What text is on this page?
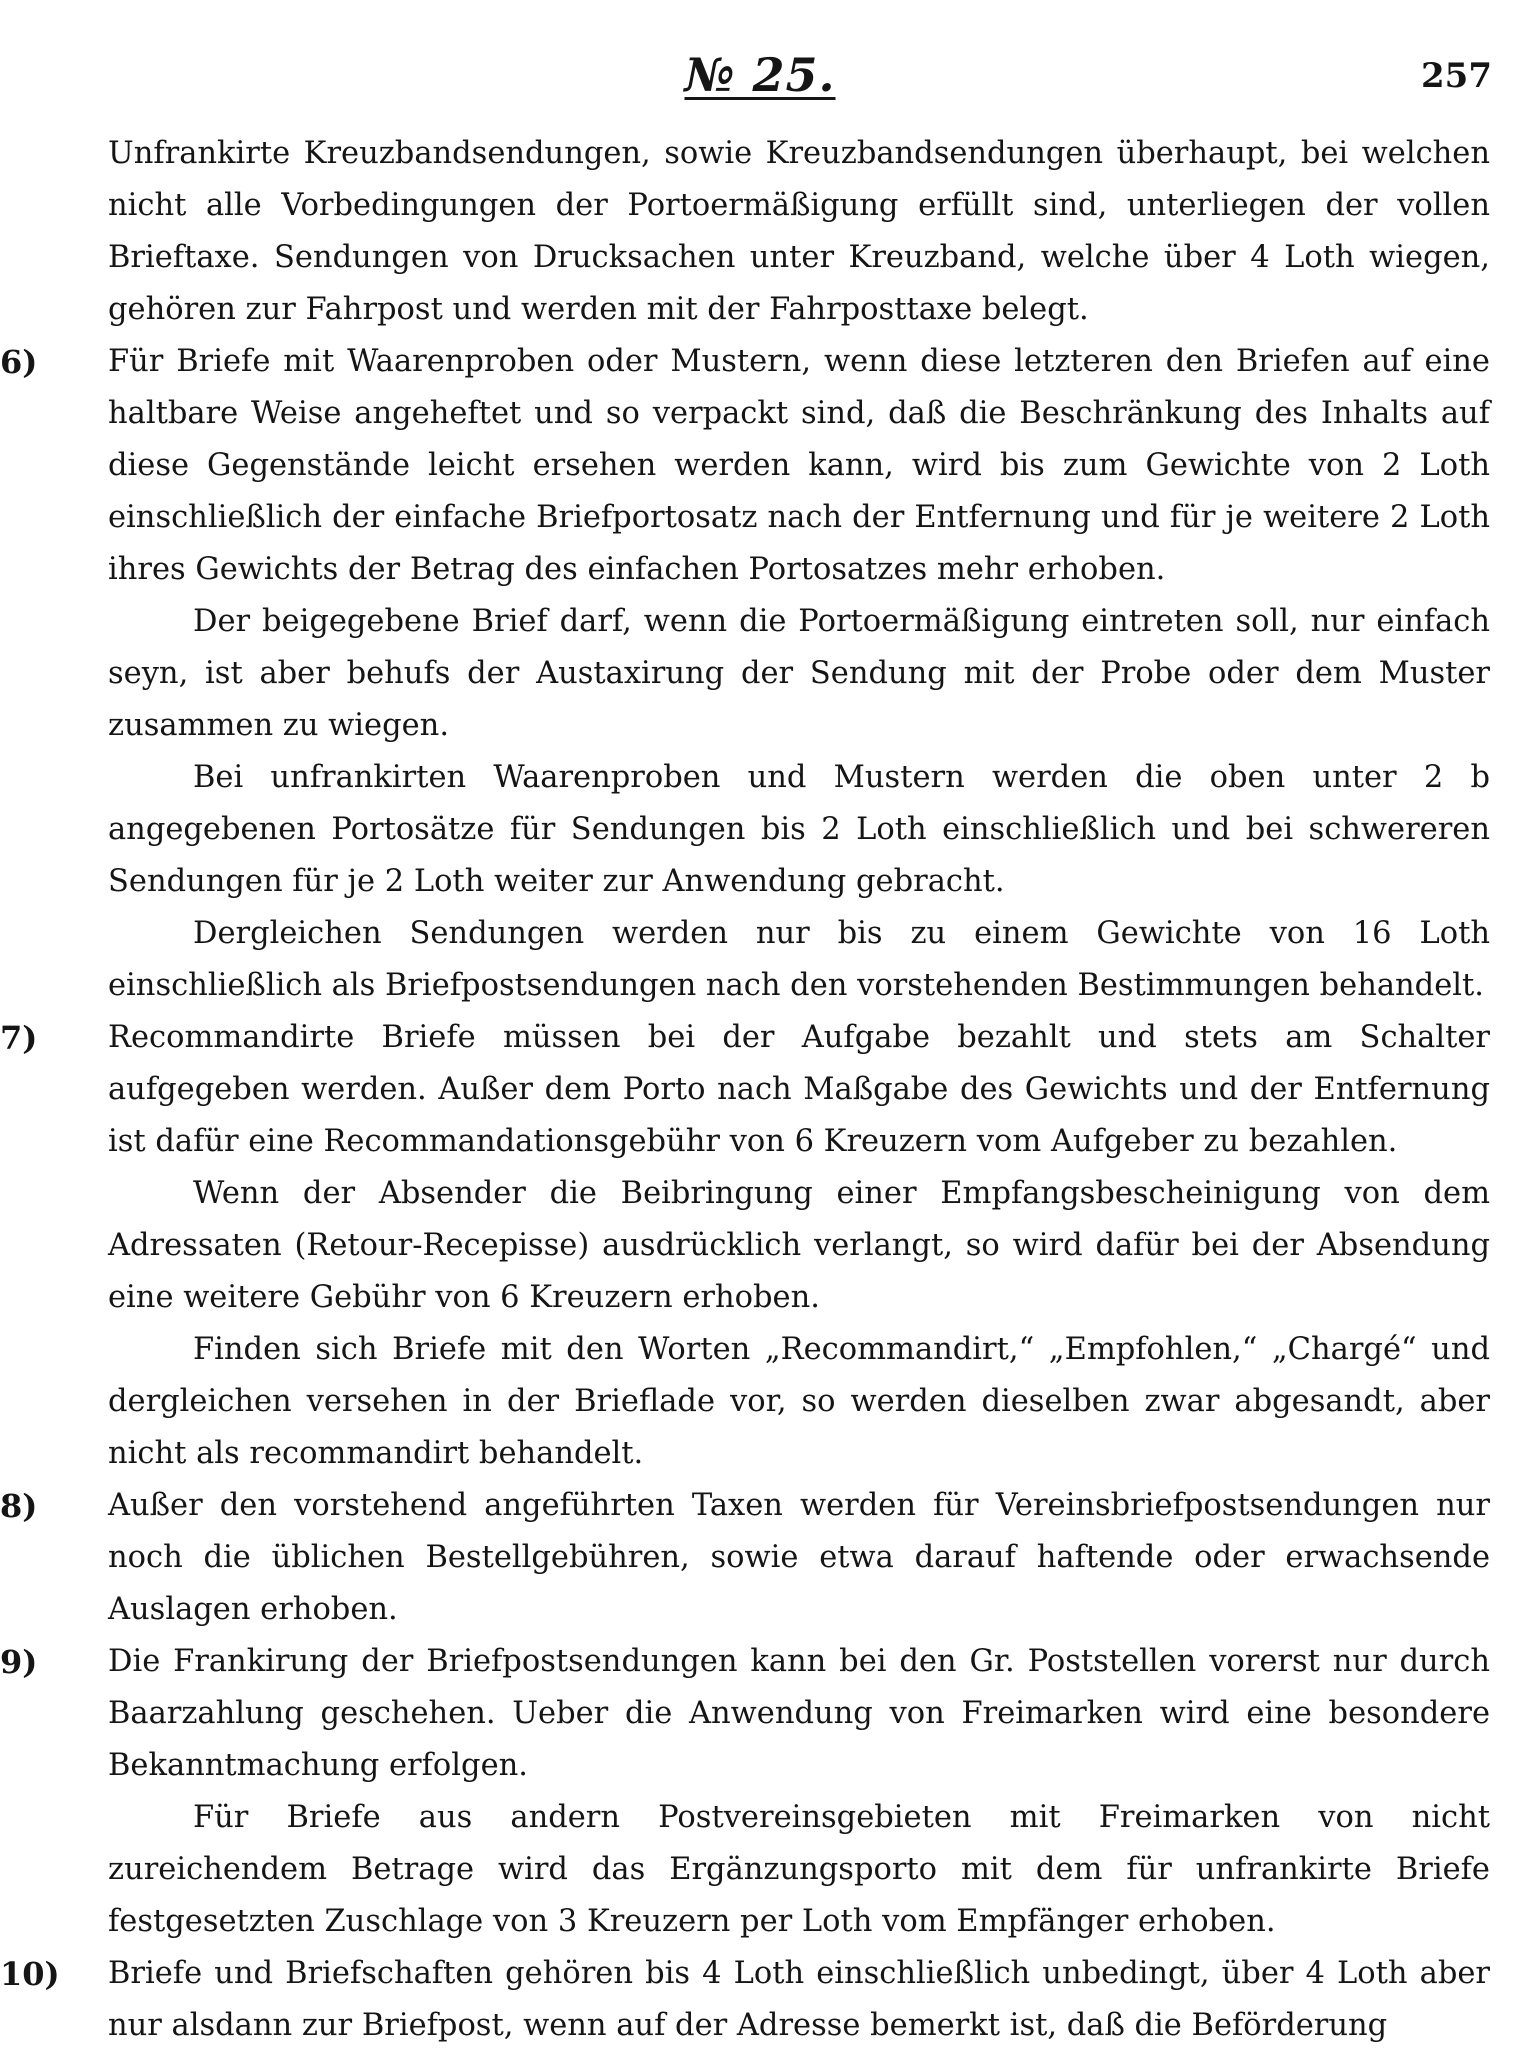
№ 25.	257

Unfrankirte Kreuzbandsendungen, sowie Kreuzbandsendungen überhaupt, bei welchen nicht alle Vorbedingungen der Portoermäßigung erfüllt sind, unterliegen der vollen Brieftaxe. Sendungen von Drucksachen unter Kreuzband, welche über 4 Loth wiegen, gehören zur Fahrpost und werden mit der Fahrposttaxe belegt.

6)	Für Briefe mit Waarenproben oder Mustern, wenn diese letzteren den Briefen auf eine haltbare Weise angeheftet und so verpackt sind, daß die Beschränkung des Inhalts auf diese Gegenstände leicht ersehen werden kann, wird bis zum Gewichte von 2 Loth einschließlich der einfache Briefportosatz nach der Entfernung und für je weitere 2 Loth ihres Gewichts der Betrag des einfachen Portosatzes mehr erhoben.

Der beigegebene Brief darf, wenn die Portoermäßigung eintreten soll, nur einfach seyn, ist aber behufs der Austaxirung der Sendung mit der Probe oder dem Muster zusammen zu wiegen.

Bei unfrankirten Waarenproben und Mustern werden die oben unter 2 b angegebenen Portosätze für Sendungen bis 2 Loth einschließlich und bei schwereren Sendungen für je 2 Loth weiter zur Anwendung gebracht.

Dergleichen Sendungen werden nur bis zu einem Gewichte von 16 Loth einschließlich als Briefpostsendungen nach den vorstehenden Bestimmungen behandelt.

7)	Recommandirte Briefe müssen bei der Aufgabe bezahlt und stets am Schalter aufgegeben werden. Außer dem Porto nach Maßgabe des Gewichts und der Entfernung ist dafür eine Recommandationsgebühr von 6 Kreuzern vom Aufgeber zu bezahlen.

Wenn der Absender die Beibringung einer Empfangsbescheinigung von dem Adressaten (Retour-Recepisse) ausdrücklich verlangt, so wird dafür bei der Absendung eine weitere Gebühr von 6 Kreuzern erhoben.

Finden sich Briefe mit den Worten „Recommandirt,“ „Empfohlen,“ „Chargé“ und dergleichen versehen in der Brieflade vor, so werden dieselben zwar abgesandt, aber nicht als recommandirt behandelt.

8)	Außer den vorstehend angeführten Taxen werden für Vereinsbriefpostsendungen nur noch die üblichen Bestellgebühren, sowie etwa darauf haftende oder erwachsende Auslagen erhoben.

9)	Die Frankirung der Briefpostsendungen kann bei den Gr. Poststellen vorerst nur durch Baarzahlung geschehen. Ueber die Anwendung von Freimarken wird eine besondere Bekanntmachung erfolgen.

Für Briefe aus andern Postvereinsgebieten mit Freimarken von nicht zureichendem Betrage wird das Ergänzungsporto mit dem für unfrankirte Briefe festgesetzten Zuschlage von 3 Kreuzern per Loth vom Empfänger erhoben.

10)	Briefe und Briefschaften gehören bis 4 Loth einschließlich unbedingt, über 4 Loth aber nur alsdann zur Briefpost, wenn auf der Adresse bemerkt ist, daß die Beförderung
